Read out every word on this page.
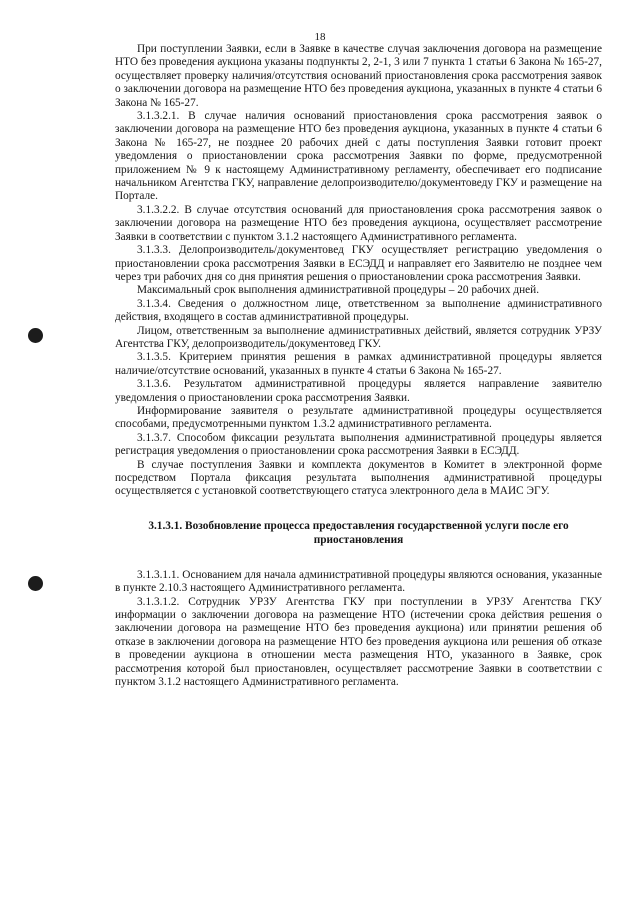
18

При поступлении Заявки, если в Заявке в качестве случая заключения договора на размещение НТО без проведения аукциона указаны подпункты 2, 2-1, 3 или 7 пункта 1 статьи 6 Закона № 165-27, осуществляет проверку наличия/отсутствия оснований приостановления срока рассмотрения заявок о заключении договора на размещение НТО без проведения аукциона, указанных в пункте 4 статьи 6 Закона № 165-27.

3.1.3.2.1. В случае наличия оснований приостановления срока рассмотрения заявок о заключении договора на размещение НТО без проведения аукциона, указанных в пункте 4 статьи 6 Закона № 165-27, не позднее 20 рабочих дней с даты поступления Заявки готовит проект уведомления о приостановлении срока рассмотрения Заявки по форме, предусмотренной приложением № 9 к настоящему Административному регламенту, обеспечивает его подписание начальником Агентства ГКУ, направление делопроизводителю/документоведу ГКУ и размещение на Портале.

3.1.3.2.2. В случае отсутствия оснований для приостановления срока рассмотрения заявок о заключении договора на размещение НТО без проведения аукциона, осуществляет рассмотрение Заявки в соответствии с пунктом 3.1.2 настоящего Административного регламента.

3.1.3.3. Делопроизводитель/документовед ГКУ осуществляет регистрацию уведомления о приостановлении срока рассмотрения Заявки в ЕСЭДД и направляет его Заявителю не позднее чем через три рабочих дня со дня принятия решения о приостановлении срока рассмотрения Заявки.

Максимальный срок выполнения административной процедуры – 20 рабочих дней.

3.1.3.4. Сведения о должностном лице, ответственном за выполнение административного действия, входящего в состав административной процедуры.

Лицом, ответственным за выполнение административных действий, является сотрудник УРЗУ Агентства ГКУ, делопроизводитель/документовед ГКУ.

3.1.3.5. Критерием принятия решения в рамках административной процедуры является наличие/отсутствие оснований, указанных в пункте 4 статьи 6 Закона № 165-27.

3.1.3.6. Результатом административной процедуры является направление заявителю уведомления о приостановлении срока рассмотрения Заявки.

Информирование заявителя о результате административной процедуры осуществляется способами, предусмотренными пунктом 1.3.2 административного регламента.

3.1.3.7. Способом фиксации результата выполнения административной процедуры является регистрация уведомления о приостановлении срока рассмотрения Заявки в ЕСЭДД.

В случае поступления Заявки и комплекта документов в Комитет в электронной форме посредством Портала фиксация результата выполнения административной процедуры осуществляется с установкой соответствующего статуса электронного дела в МАИС ЭГУ.

3.1.3.1. Возобновление процесса предоставления государственной услуги после его приостановления

3.1.3.1.1. Основанием для начала административной процедуры являются основания, указанные в пункте 2.10.3 настоящего Административного регламента.

3.1.3.1.2. Сотрудник УРЗУ Агентства ГКУ при поступлении в УРЗУ Агентства ГКУ информации о заключении договора на размещение НТО (истечении срока действия решения о заключении договора на размещение НТО без проведения аукциона) или принятии решения об отказе в заключении договора на размещение НТО без проведения аукциона или решения об отказе в проведении аукциона в отношении места размещения НТО, указанного в Заявке, срок рассмотрения которой был приостановлен, осуществляет рассмотрение Заявки в соответствии с пунктом 3.1.2 настоящего Административного регламента.
